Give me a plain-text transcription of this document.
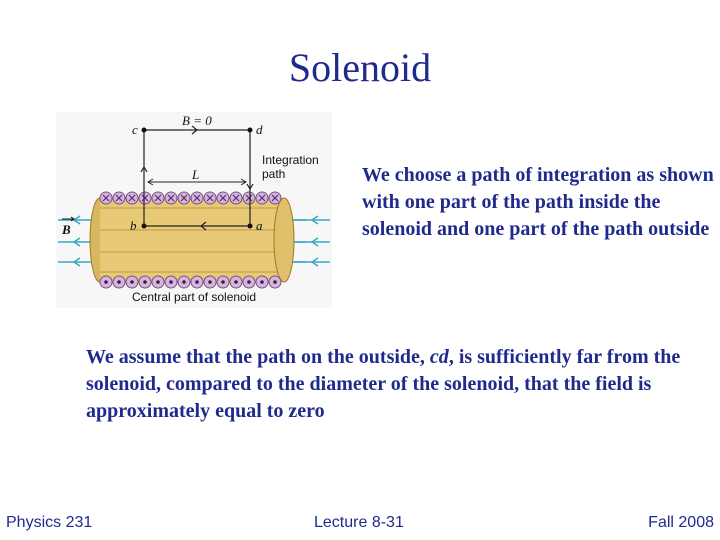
Solenoid
c	d
b	a
B = 0
L
Integration
path
B
Central part of solenoid
We choose a path of integration as shown with one part of the path inside the solenoid and one part of the path outside
We assume that the path on the outside, cd, is sufficiently far from the solenoid, compared to the diameter of the solenoid, that the field is approximately equal to zero
Physics 231	Lecture 8-31	Fall 2008
